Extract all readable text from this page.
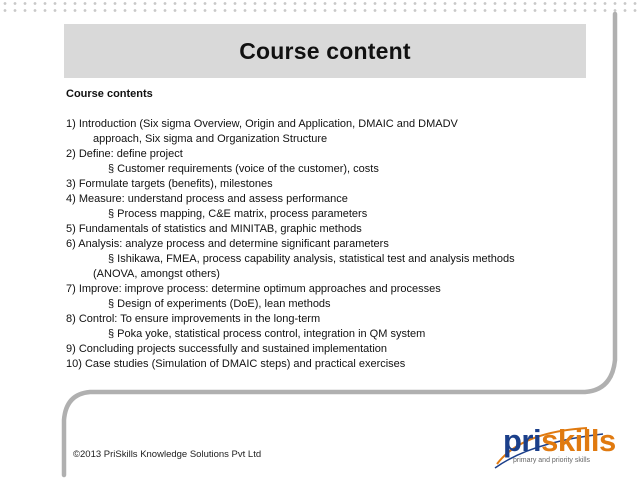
Course content
Course contents
1) Introduction (Six sigma Overview, Origin and Application, DMAIC and DMADV
approach, Six sigma and Organization Structure
2) Define: define project
§ Customer requirements (voice of the customer), costs
3) Formulate targets (benefits), milestones
4) Measure: understand process and assess performance
§ Process mapping, C&E matrix, process parameters
5) Fundamentals of statistics and MINITAB, graphic methods
6) Analysis: analyze process and determine significant parameters
§ Ishikawa, FMEA, process capability analysis, statistical test and analysis methods
(ANOVA, amongst others)
7) Improve: improve process: determine optimum approaches and processes
§ Design of experiments (DoE), lean methods
8) Control: To ensure improvements in the long-term
§ Poka yoke, statistical process control, integration in QM system
9) Concluding projects successfully and sustained implementation
10) Case studies (Simulation of DMAIC steps) and practical exercises
©2013 PriSkills Knowledge Solutions Pvt Ltd	priskills
primary and priority skills
